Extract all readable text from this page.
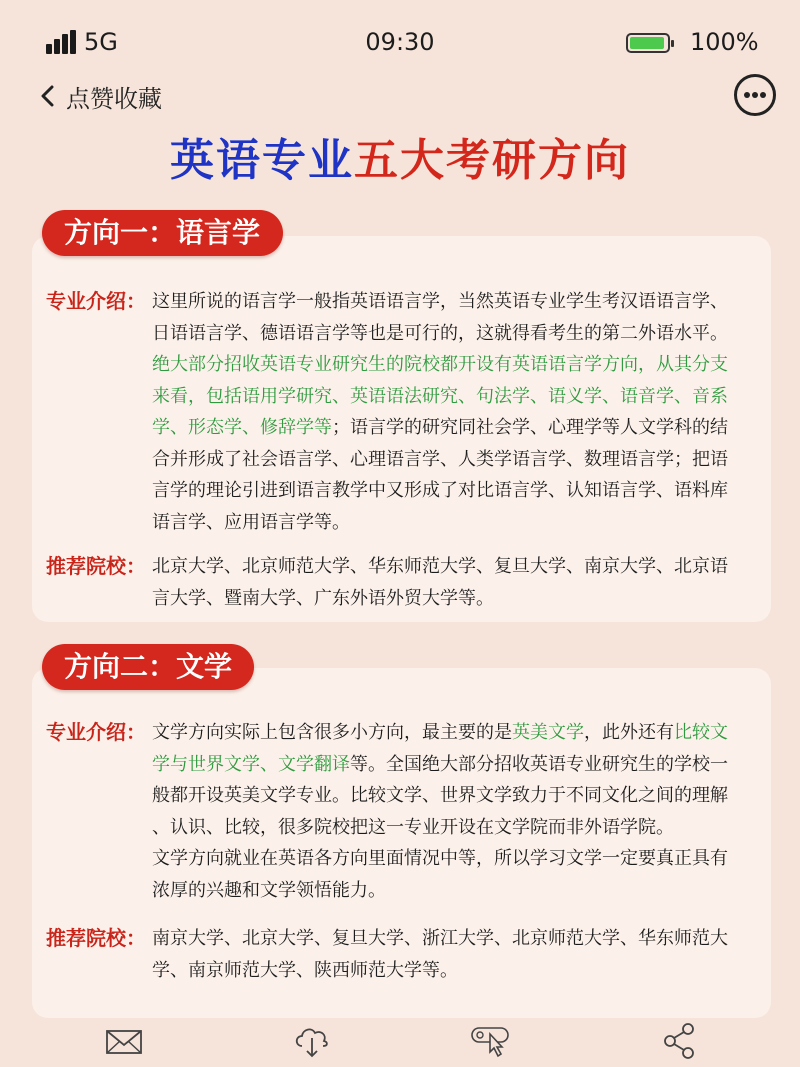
5G	09:30	100%
点赞收藏
英语专业五大考研方向
方向一：语言学
专业介绍： 这里所说的语言学一般指英语语言学，当然英语专业学生考汉语语言学、
日语语言学、德语语言学等也是可行的，这就得看考生的第二外语水平。
绝大部分招收英语专业研究生的院校都开设有英语语言学方向，从其分支
来看，包括语用学研究、英语语法研究、句法学、语义学、语音学、音系
学、形态学、修辞学等；语言学的研究同社会学、心理学等人文学科的结
合并形成了社会语言学、心理语言学、人类学语言学、数理语言学；把语
言学的理论引进到语言教学中又形成了对比语言学、认知语言学、语料库
语言学、应用语言学等。
推荐院校： 北京大学、北京师范大学、华东师范大学、复旦大学、南京大学、北京语
言大学、暨南大学、广东外语外贸大学等。
方向二：文学
专业介绍： 文学方向实际上包含很多小方向，最主要的是英美文学，此外还有比较文
学与世界文学、文学翻译等。全国绝大部分招收英语专业研究生的学校一
般都开设英美文学专业。比较文学、世界文学致力于不同文化之间的理解
、认识、比较，很多院校把这一专业开设在文学院而非外语学院。
文学方向就业在英语各方向里面情况中等，所以学习文学一定要真正具有
浓厚的兴趣和文学领悟能力。
推荐院校： 南京大学、北京大学、复旦大学、浙江大学、北京师范大学、华东师范大
学、南京师范大学、陕西师范大学等。
